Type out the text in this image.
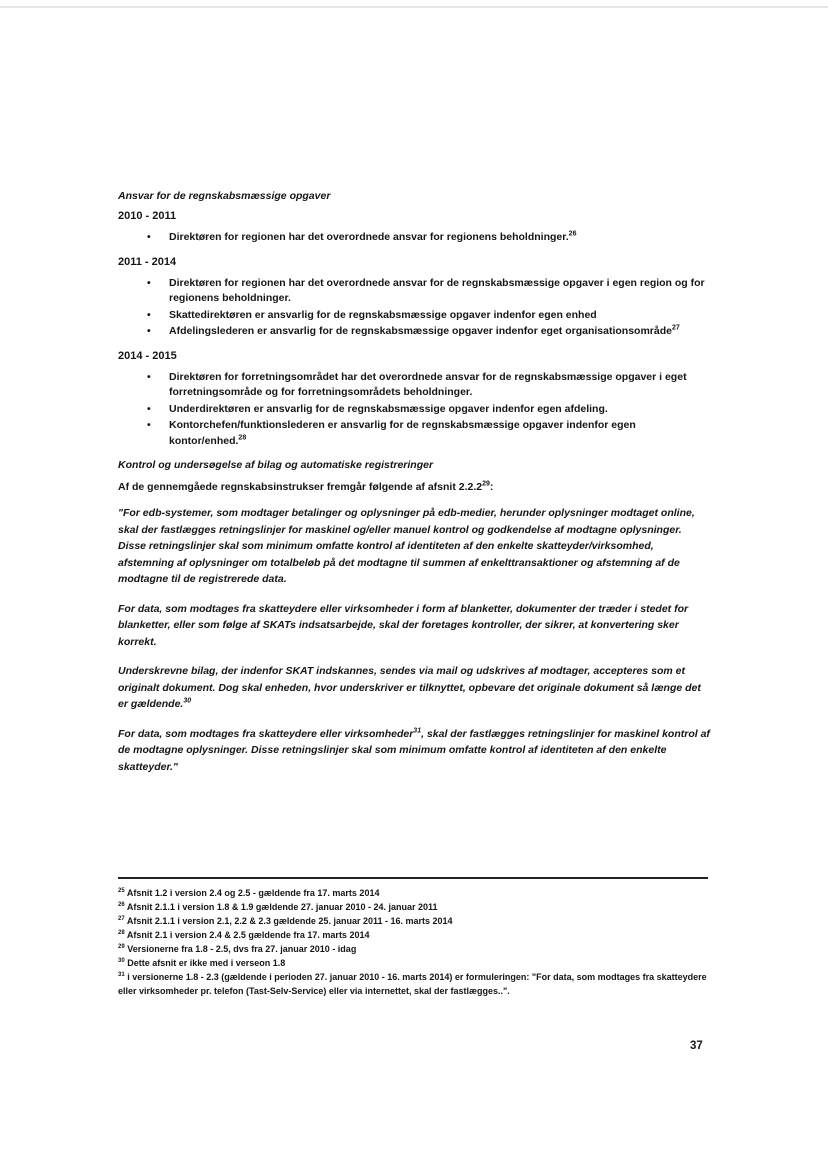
Ansvar for de regnskabsmæssige opgaver
2010 - 2011
•	Direktøren for regionen har det overordnede ansvar for regionens beholdninger.$^{26}$
2011 - 2014
•	Direktøren for regionen har det overordnede ansvar for de regnskabsmæssige opgaver i egen region og for regionens beholdninger.
•	Skattedirektøren er ansvarlig for de regnskabsmæssige opgaver indenfor egen enhed
•	Afdelingslederen er ansvarlig for de regnskabsmæssige opgaver indenfor eget organisationsområde$^{27}$
2014 - 2015
•	Direktøren for forretningsområdet har det overordnede ansvar for de regnskabsmæssige opgaver i eget forretningsområde og for forretningsområdets beholdninger.
•	Underdirektøren er ansvarlig for de regnskabsmæssige opgaver indenfor egen afdeling.
•	Kontorchefen/funktionslederen er ansvarlig for de regnskabsmæssige opgaver indenfor egen kontor/enhed.$^{28}$
Kontrol og undersøgelse af bilag og automatiske registreringer

Af de gennemgåede regnskabsinstrukser fremgår følgende af afsnit 2.2.2$^{29}$:

"For edb-systemer, som modtager betalinger og oplysninger på edb-medier, herunder oplysninger modtaget online, skal der fastlægges retningslinjer for maskinel og/eller manuel kontrol og godkendelse af modtagne oplysninger. Disse retningslinjer skal som minimum omfatte kontrol af identiteten af den enkelte skatteyder/virksomhed, afstemning af oplysninger om totalbeløb på det modtagne til summen af enkelttransaktioner og afstemning af de modtagne til de registrerede data.

For data, som modtages fra skatteydere eller virksomheder i form af blanketter, dokumenter der træder i stedet for blanketter, eller som følge af SKATs indsatsarbejde, skal der foretages kontroller, der sikrer, at konvertering sker korrekt.

Underskrevne bilag, der indenfor SKAT indskannes, sendes via mail og udskrives af modtager, accepteres som et originalt dokument. Dog skal enheden, hvor underskriver er tilknyttet, opbevare det originale dokument så længe det er gældende.$^{30}$

For data, som modtages fra skatteydere eller virksomheder$^{31}$, skal der fastlægges retningslinjer for maskinel kontrol af de modtagne oplysninger. Disse retningslinjer skal som minimum omfatte kontrol af identiteten af den enkelte skatteyder."

$^{25}$ Afsnit 1.2 i version 2.4 og 2.5 - gældende fra 17. marts 2014

$^{26}$ Afsnit 2.1.1 i version 1.8 & 1.9 gældende 27. januar 2010 - 24. januar 2011

$^{27}$ Afsnit 2.1.1 i version 2.1, 2.2 & 2.3 gældende 25. januar 2011 - 16. marts 2014

$^{28}$ Afsnit 2.1 i version 2.4 & 2.5 gældende fra 17. marts 2014

$^{29}$ Versionerne fra 1.8 - 2.5, dvs fra 27. januar 2010 - idag

$^{30}$ Dette afsnit er ikke med i verseon 1.8

$^{31}$ i versionerne 1.8 - 2.3 (gældende i perioden 27. januar 2010 - 16. marts 2014) er formuleringen: "For data, som modtages fra skatteydere eller virksomheder pr. telefon (Tast-Selv-Service) eller via internettet, skal der fastlægges..".

37
